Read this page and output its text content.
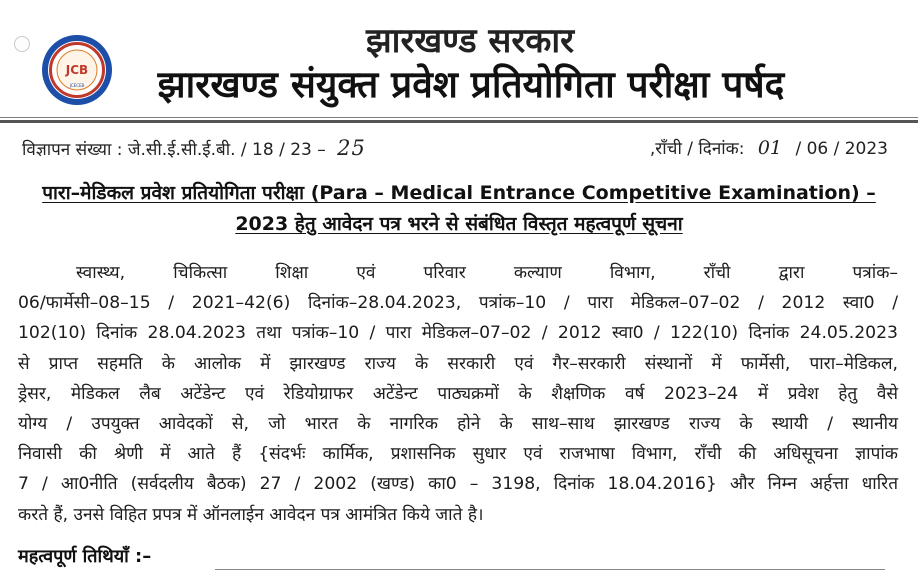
JCB
JCECEB
झारखण्ड सरकार
झारखण्ड संयुक्त प्रवेश प्रतियोगिता परीक्षा पर्षद
विज्ञापन संख्या : जे.सी.ई.सी.ई.बी. / 18 / 23 – 25	,राँची / दिनांक: 01 / 06 / 2023
पारा–मेडिकल प्रवेश प्रतियोगिता परीक्षा (Para – Medical Entrance Competitive Examination) –
2023 हेतु आवेदन पत्र भरने से संबंधित विस्तृत महत्वपूर्ण सूचना
स्वास्थ्य, चिकित्सा शिक्षा एवं परिवार कल्याण विभाग, राँची द्वारा पत्रांक–
06/फार्मेसी–08–15 / 2021–42(6) दिनांक–28.04.2023, पत्रांक–10 / पारा मेडिकल–07–02 / 2012 स्वा0 /
102(10) दिनांक 28.04.2023 तथा पत्रांक–10 / पारा मेडिकल–07–02 / 2012 स्वा0 / 122(10) दिनांक 24.05.2023
से प्राप्त सहमति के आलोक में झारखण्ड राज्य के सरकारी एवं गैर–सरकारी संस्थानों में फार्मेसी, पारा–मेडिकल,
ड्रेसर, मेडिकल लैब अटेंडेन्ट एवं रेडियोग्राफर अटेंडेन्ट पाठ्यक्रमों के शैक्षणिक वर्ष 2023–24 में प्रवेश हेतु वैसे
योग्य / उपयुक्त आवेदकों से, जो भारत के नागरिक होने के साथ–साथ झारखण्ड राज्य के स्थायी / स्थानीय
निवासी की श्रेणी में आते हैं {संदर्भः कार्मिक, प्रशासनिक सुधार एवं राजभाषा विभाग, राँची की अधिसूचना ज्ञापांक
7 / आ0नीति (सर्वदलीय बैठक) 27 / 2002 (खण्ड) का0 – 3198, दिनांक 18.04.2016} और निम्न अर्हत्ता धारित
करते हैं, उनसे विहित प्रपत्र में ऑनलाईन आवेदन पत्र आमंत्रित किये जाते है।
महत्वपूर्ण तिथियाँ :–
